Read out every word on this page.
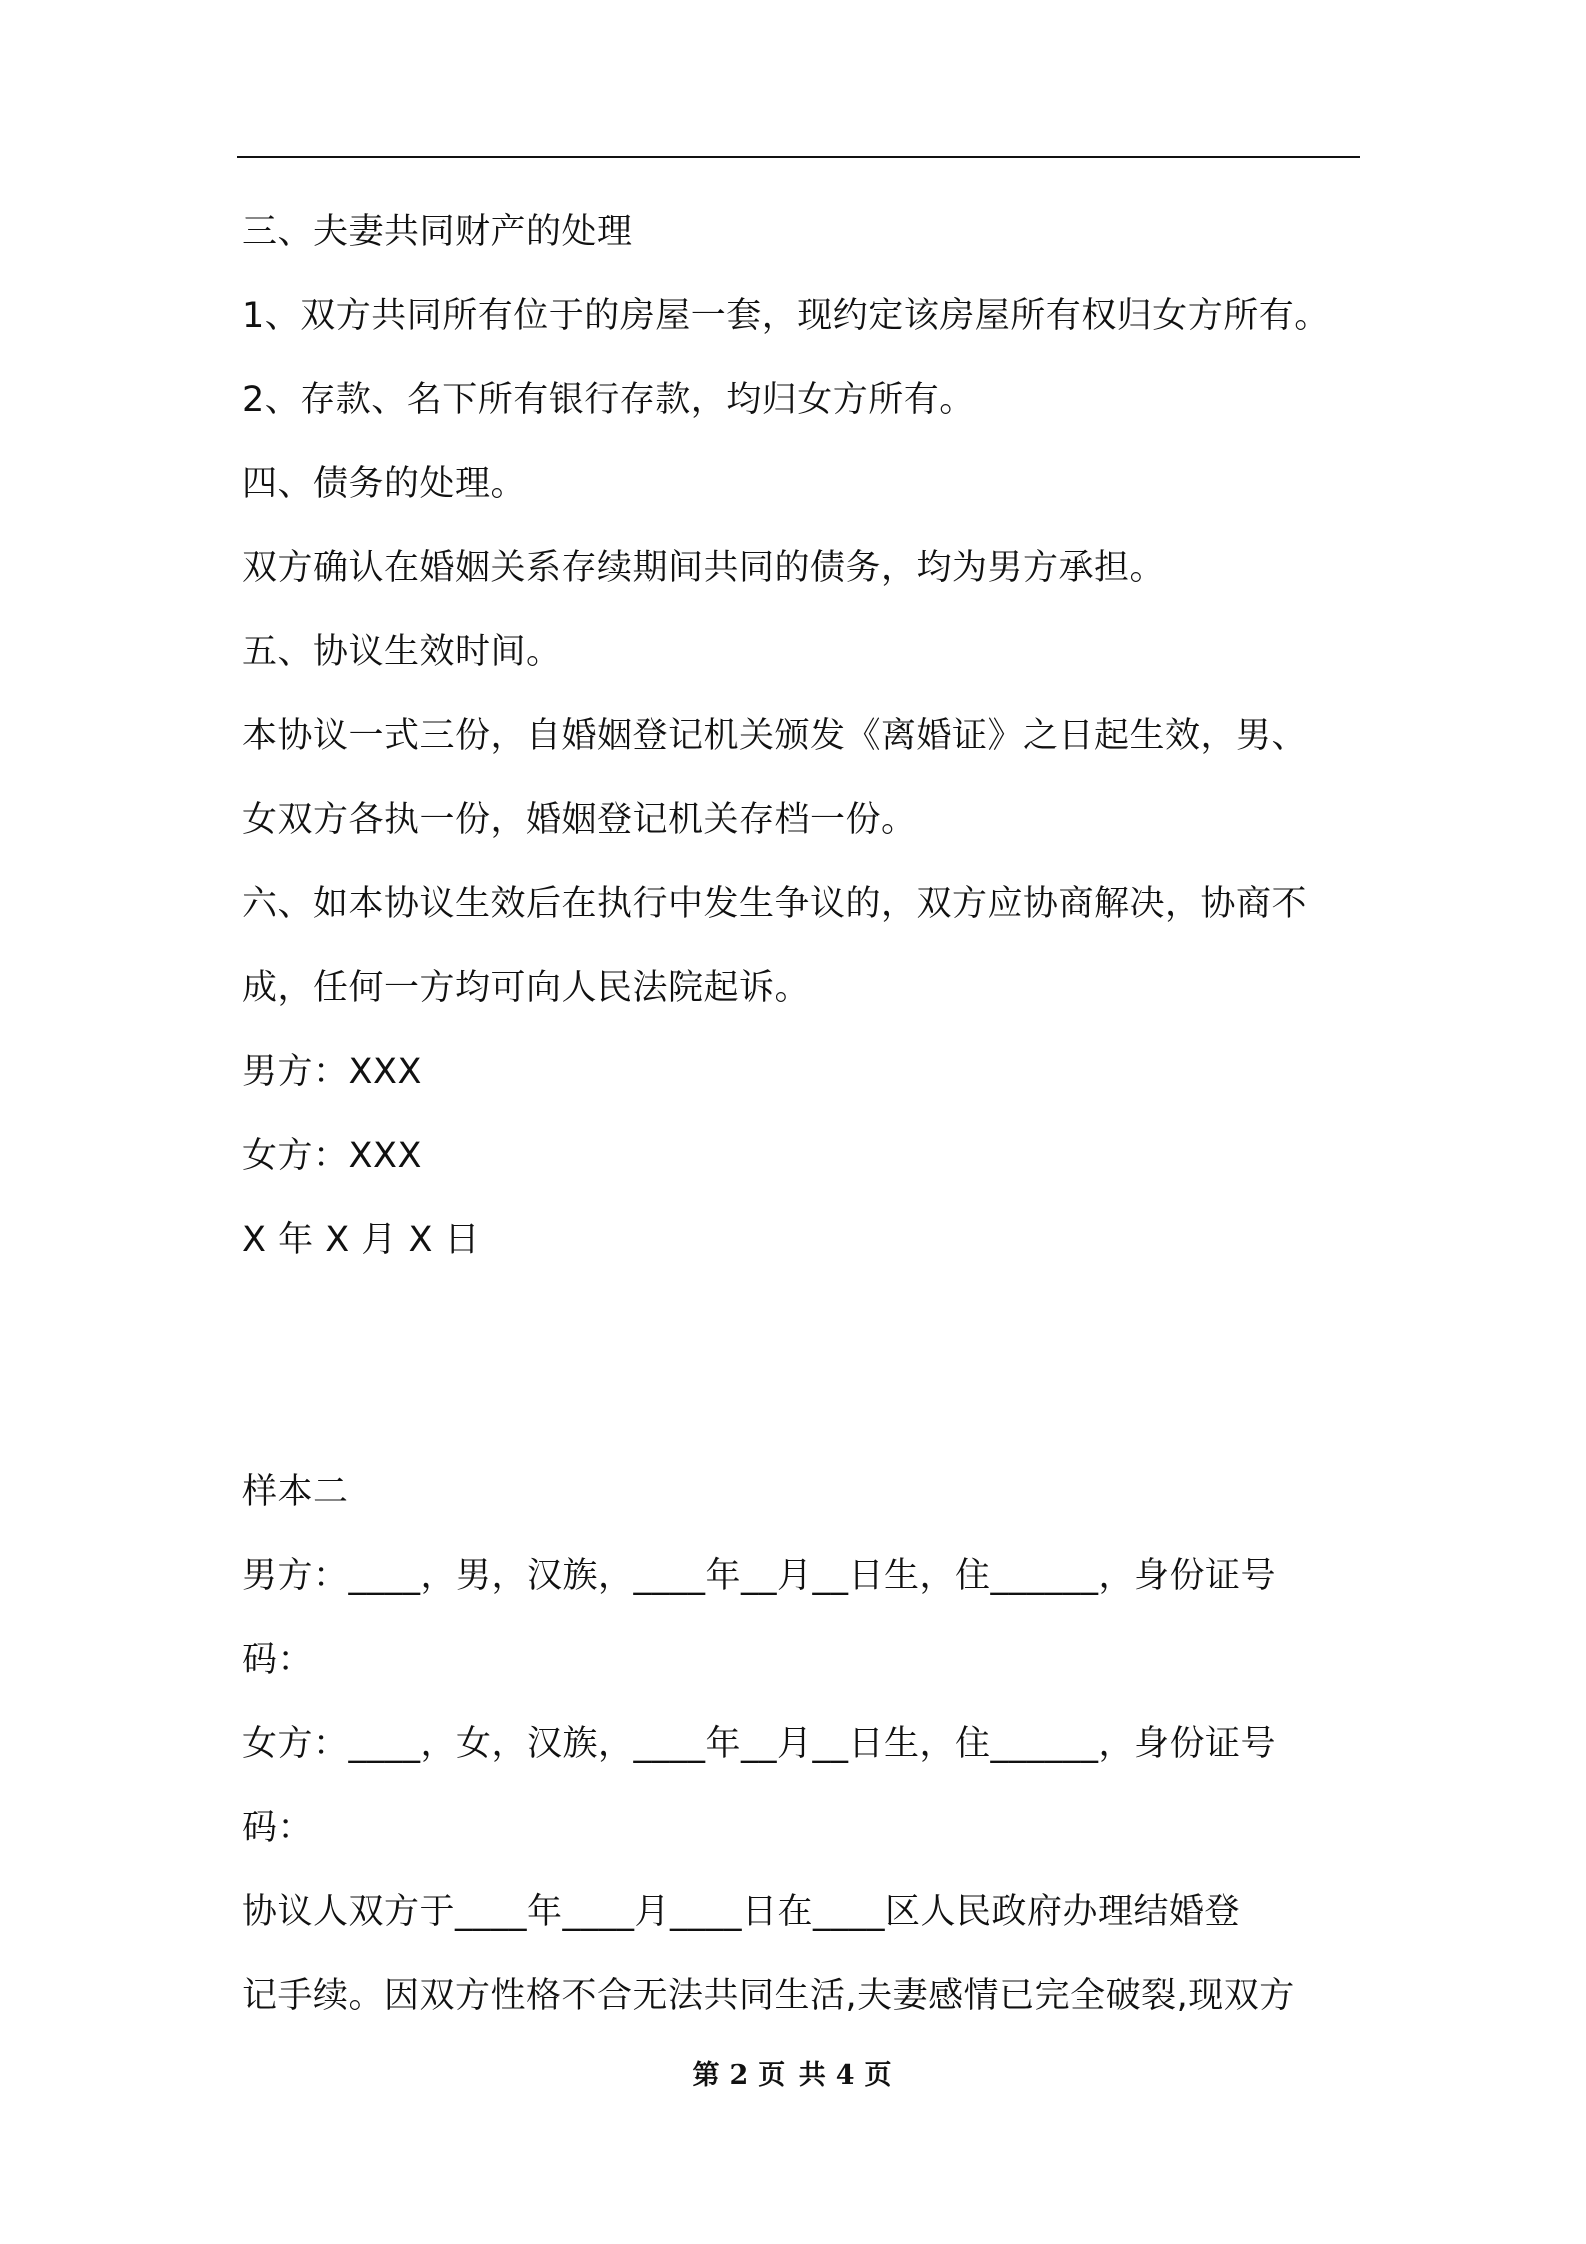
三、夫妻共同财产的处理
1、双方共同所有位于的房屋一套，现约定该房屋所有权归女方所有。
2、存款、名下所有银行存款，均归女方所有。
四、债务的处理。
双方确认在婚姻关系存续期间共同的债务，均为男方承担。
五、协议生效时间。
本协议一式三份，自婚姻登记机关颁发《离婚证》之日起生效，男、
女双方各执一份，婚姻登记机关存档一份。
六、如本协议生效后在执行中发生争议的，双方应协商解决，协商不
成，任何一方均可向人民法院起诉。
男方：XXX
女方：XXX
X 年 X 月 X 日
样本二
男方：____，男，汉族，____年__月__日生，住______，身份证号
码：
女方：____，女，汉族，____年__月__日生，住______，身份证号
码：
协议人双方于____年____月____日在____区人民政府办理结婚登
记手续。因双方性格不合无法共同生活,夫妻感情已完全破裂,现双方
第 2 页 共 4 页
